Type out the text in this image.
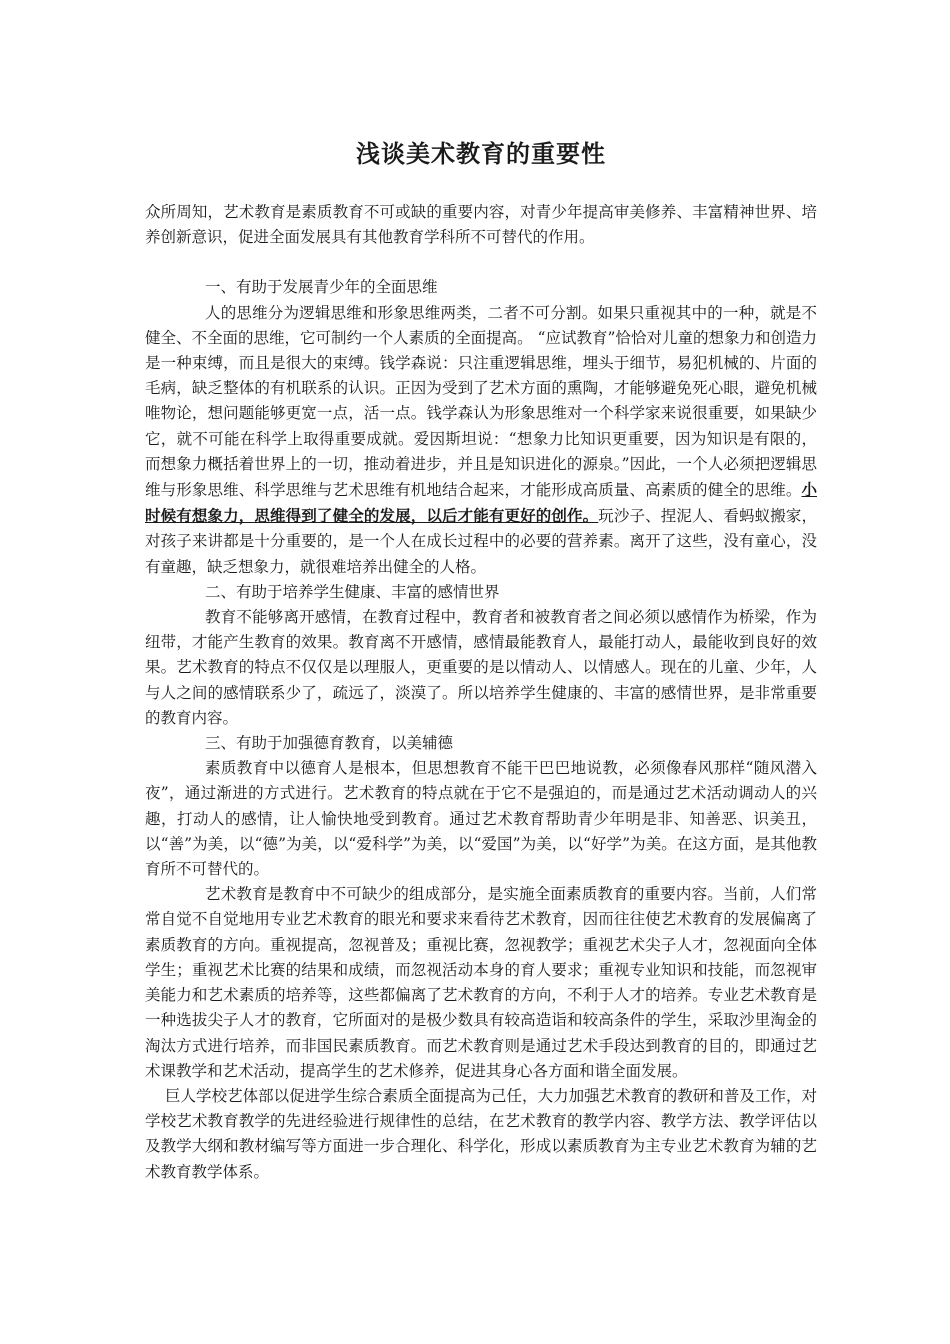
浅谈美术教育的重要性

众所周知，艺术教育是素质教育不可或缺的重要内容，对青少年提高审美修养、丰富精神世界、培养创新意识，促进全面发展具有其他教育学科所不可替代的作用。

一、有助于发展青少年的全面思维

人的思维分为逻辑思维和形象思维两类，二者不可分割。如果只重视其中的一种，就是不健全、不全面的思维，它可制约一个人素质的全面提高。 “应试教育”恰恰对儿童的想象力和创造力是一种束缚，而且是很大的束缚。钱学森说：只注重逻辑思维，埋头于细节，易犯机械的、片面的毛病，缺乏整体的有机联系的认识。正因为受到了艺术方面的熏陶，才能够避免死心眼，避免机械唯物论，想问题能够更宽一点，活一点。钱学森认为形象思维对一个科学家来说很重要，如果缺少它，就不可能在科学上取得重要成就。爱因斯坦说：“想象力比知识更重要，因为知识是有限的，而想象力概括着世界上的一切，推动着进步，并且是知识进化的源泉。”因此，一个人必须把逻辑思维与形象思维、科学思维与艺术思维有机地结合起来，才能形成高质量、高素质的健全的思维。小时候有想象力，思维得到了健全的发展，以后才能有更好的创作。玩沙子、捏泥人、看蚂蚁搬家，对孩子来讲都是十分重要的，是一个人在成长过程中的必要的营养素。离开了这些，没有童心，没有童趣，缺乏想象力，就很难培养出健全的人格。

二、有助于培养学生健康、丰富的感情世界

教育不能够离开感情，在教育过程中，教育者和被教育者之间必须以感情作为桥梁，作为纽带，才能产生教育的效果。教育离不开感情，感情最能教育人，最能打动人，最能收到良好的效果。艺术教育的特点不仅仅是以理服人，更重要的是以情动人、以情感人。现在的儿童、少年，人与人之间的感情联系少了，疏远了，淡漠了。所以培养学生健康的、丰富的感情世界，是非常重要的教育内容。

三、有助于加强德育教育，以美辅德

素质教育中以德育人是根本，但思想教育不能干巴巴地说教，必须像春风那样“随风潜入夜”，通过渐进的方式进行。艺术教育的特点就在于它不是强迫的，而是通过艺术活动调动人的兴趣，打动人的感情，让人愉快地受到教育。通过艺术教育帮助青少年明是非、知善恶、识美丑，以“善”为美，以“德”为美，以“爱科学”为美，以“爱国”为美，以“好学”为美。在这方面，是其他教育所不可替代的。

艺术教育是教育中不可缺少的组成部分，是实施全面素质教育的重要内容。当前，人们常常自觉不自觉地用专业艺术教育的眼光和要求来看待艺术教育，因而往往使艺术教育的发展偏离了素质教育的方向。重视提高，忽视普及；重视比赛，忽视教学；重视艺术尖子人才，忽视面向全体学生；重视艺术比赛的结果和成绩，而忽视活动本身的育人要求；重视专业知识和技能，而忽视审美能力和艺术素质的培养等，这些都偏离了艺术教育的方向，不利于人才的培养。专业艺术教育是一种选拔尖子人才的教育，它所面对的是极少数具有较高造诣和较高条件的学生，采取沙里淘金的淘汰方式进行培养，而非国民素质教育。而艺术教育则是通过艺术手段达到教育的目的，即通过艺术课教学和艺术活动，提高学生的艺术修养，促进其身心各方面和谐全面发展。

巨人学校艺体部以促进学生综合素质全面提高为己任，大力加强艺术教育的教研和普及工作，对学校艺术教育教学的先进经验进行规律性的总结，在艺术教育的教学内容、教学方法、教学评估以及教学大纲和教材编写等方面进一步合理化、科学化，形成以素质教育为主专业艺术教育为辅的艺术教育教学体系。
